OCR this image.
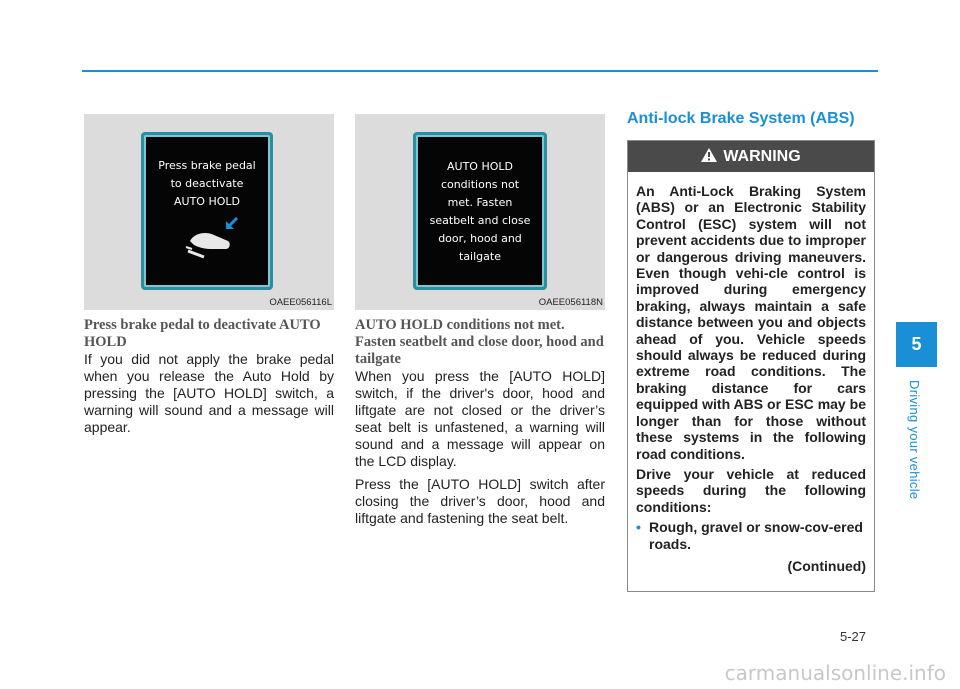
Press brake pedal
to deactivate
AUTO HOLD
OAEE056116L
AUTO HOLD
conditions not
met. Fasten
seatbelt and close
door, hood and
tailgate
OAEE056118N
Press brake pedal to deactivate AUTO HOLD

If you did not apply the brake pedal when you release the Auto Hold by pressing the [AUTO HOLD] switch, a warning will sound and a message will appear.

AUTO HOLD conditions not met. Fasten seatbelt and close door, hood and tailgate

When you press the [AUTO HOLD] switch, if the driver's door, hood and liftgate are not closed or the driver’s seat belt is unfastened, a warning will sound and a message will appear on the LCD display.

Press the [AUTO HOLD] switch after closing the driver’s door, hood and liftgate and fastening the seat belt.

Anti-lock Brake System (ABS)
WARNING

An Anti-Lock Braking System (ABS) or an Electronic Stability Control (ESC) system will not prevent accidents due to improper or dangerous driving maneuvers. Even though vehi-cle control is improved during emergency braking, always maintain a safe distance between you and objects ahead of you. Vehicle speeds should always be reduced during extreme road conditions. The braking distance for cars equipped with ABS or ESC may be longer than for those without these systems in the following road conditions.

Drive your vehicle at reduced speeds during the following conditions:

• Rough, gravel or snow-cov-ered roads.
(Continued)
5
Driving your vehicle
5-27
carmanualsonline.info
